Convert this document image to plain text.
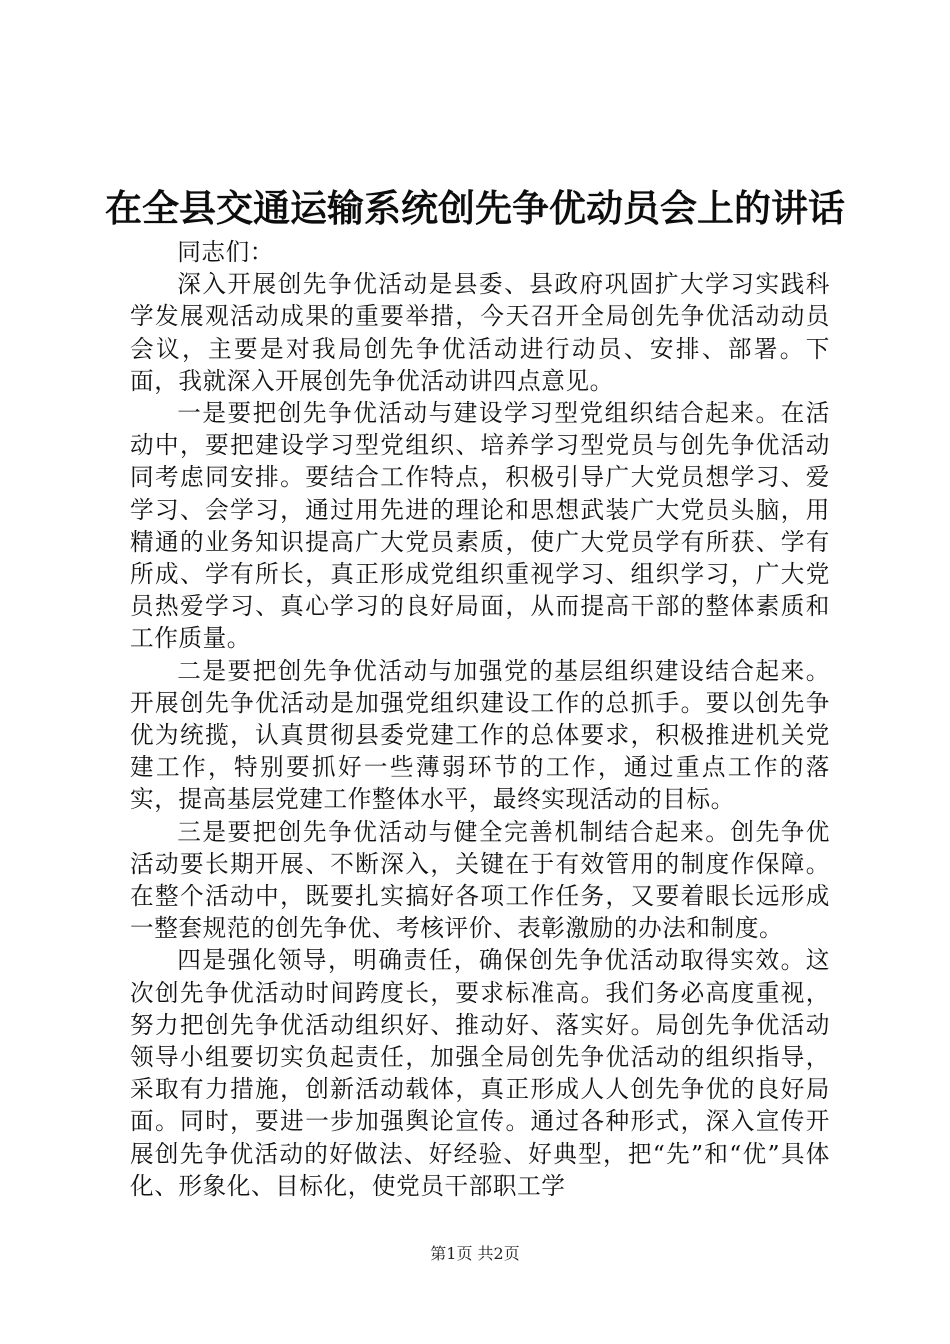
在全县交通运输系统创先争优动员会上的讲话

同志们：

深入开展创先争优活动是县委、县政府巩固扩大学习实践科学发展观活动成果的重要举措，今天召开全局创先争优活动动员会议，主要是对我局创先争优活动进行动员、安排、部署。下面，我就深入开展创先争优活动讲四点意见。

一是要把创先争优活动与建设学习型党组织结合起来。在活动中，要把建设学习型党组织、培养学习型党员与创先争优活动同考虑同安排。要结合工作特点，积极引导广大党员想学习、爱学习、会学习，通过用先进的理论和思想武装广大党员头脑，用精通的业务知识提高广大党员素质，使广大党员学有所获、学有所成、学有所长，真正形成党组织重视学习、组织学习，广大党员热爱学习、真心学习的良好局面，从而提高干部的整体素质和工作质量。

二是要把创先争优活动与加强党的基层组织建设结合起来。开展创先争优活动是加强党组织建设工作的总抓手。要以创先争优为统揽，认真贯彻县委党建工作的总体要求，积极推进机关党建工作，特别要抓好一些薄弱环节的工作，通过重点工作的落实，提高基层党建工作整体水平，最终实现活动的目标。

三是要把创先争优活动与健全完善机制结合起来。创先争优活动要长期开展、不断深入，关键在于有效管用的制度作保障。在整个活动中，既要扎实搞好各项工作任务，又要着眼长远形成一整套规范的创先争优、考核评价、表彰激励的办法和制度。

四是强化领导，明确责任，确保创先争优活动取得实效。这次创先争优活动时间跨度长，要求标准高。我们务必高度重视，努力把创先争优活动组织好、推动好、落实好。局创先争优活动领导小组要切实负起责任，加强全局创先争优活动的组织指导，采取有力措施，创新活动载体，真正形成人人创先争优的良好局面。同时，要进一步加强舆论宣传。通过各种形式，深入宣传开展创先争优活动的好做法、好经验、好典型，把“先”和“优”具体化、形象化、目标化，使党员干部职工学

第1页 共2页
